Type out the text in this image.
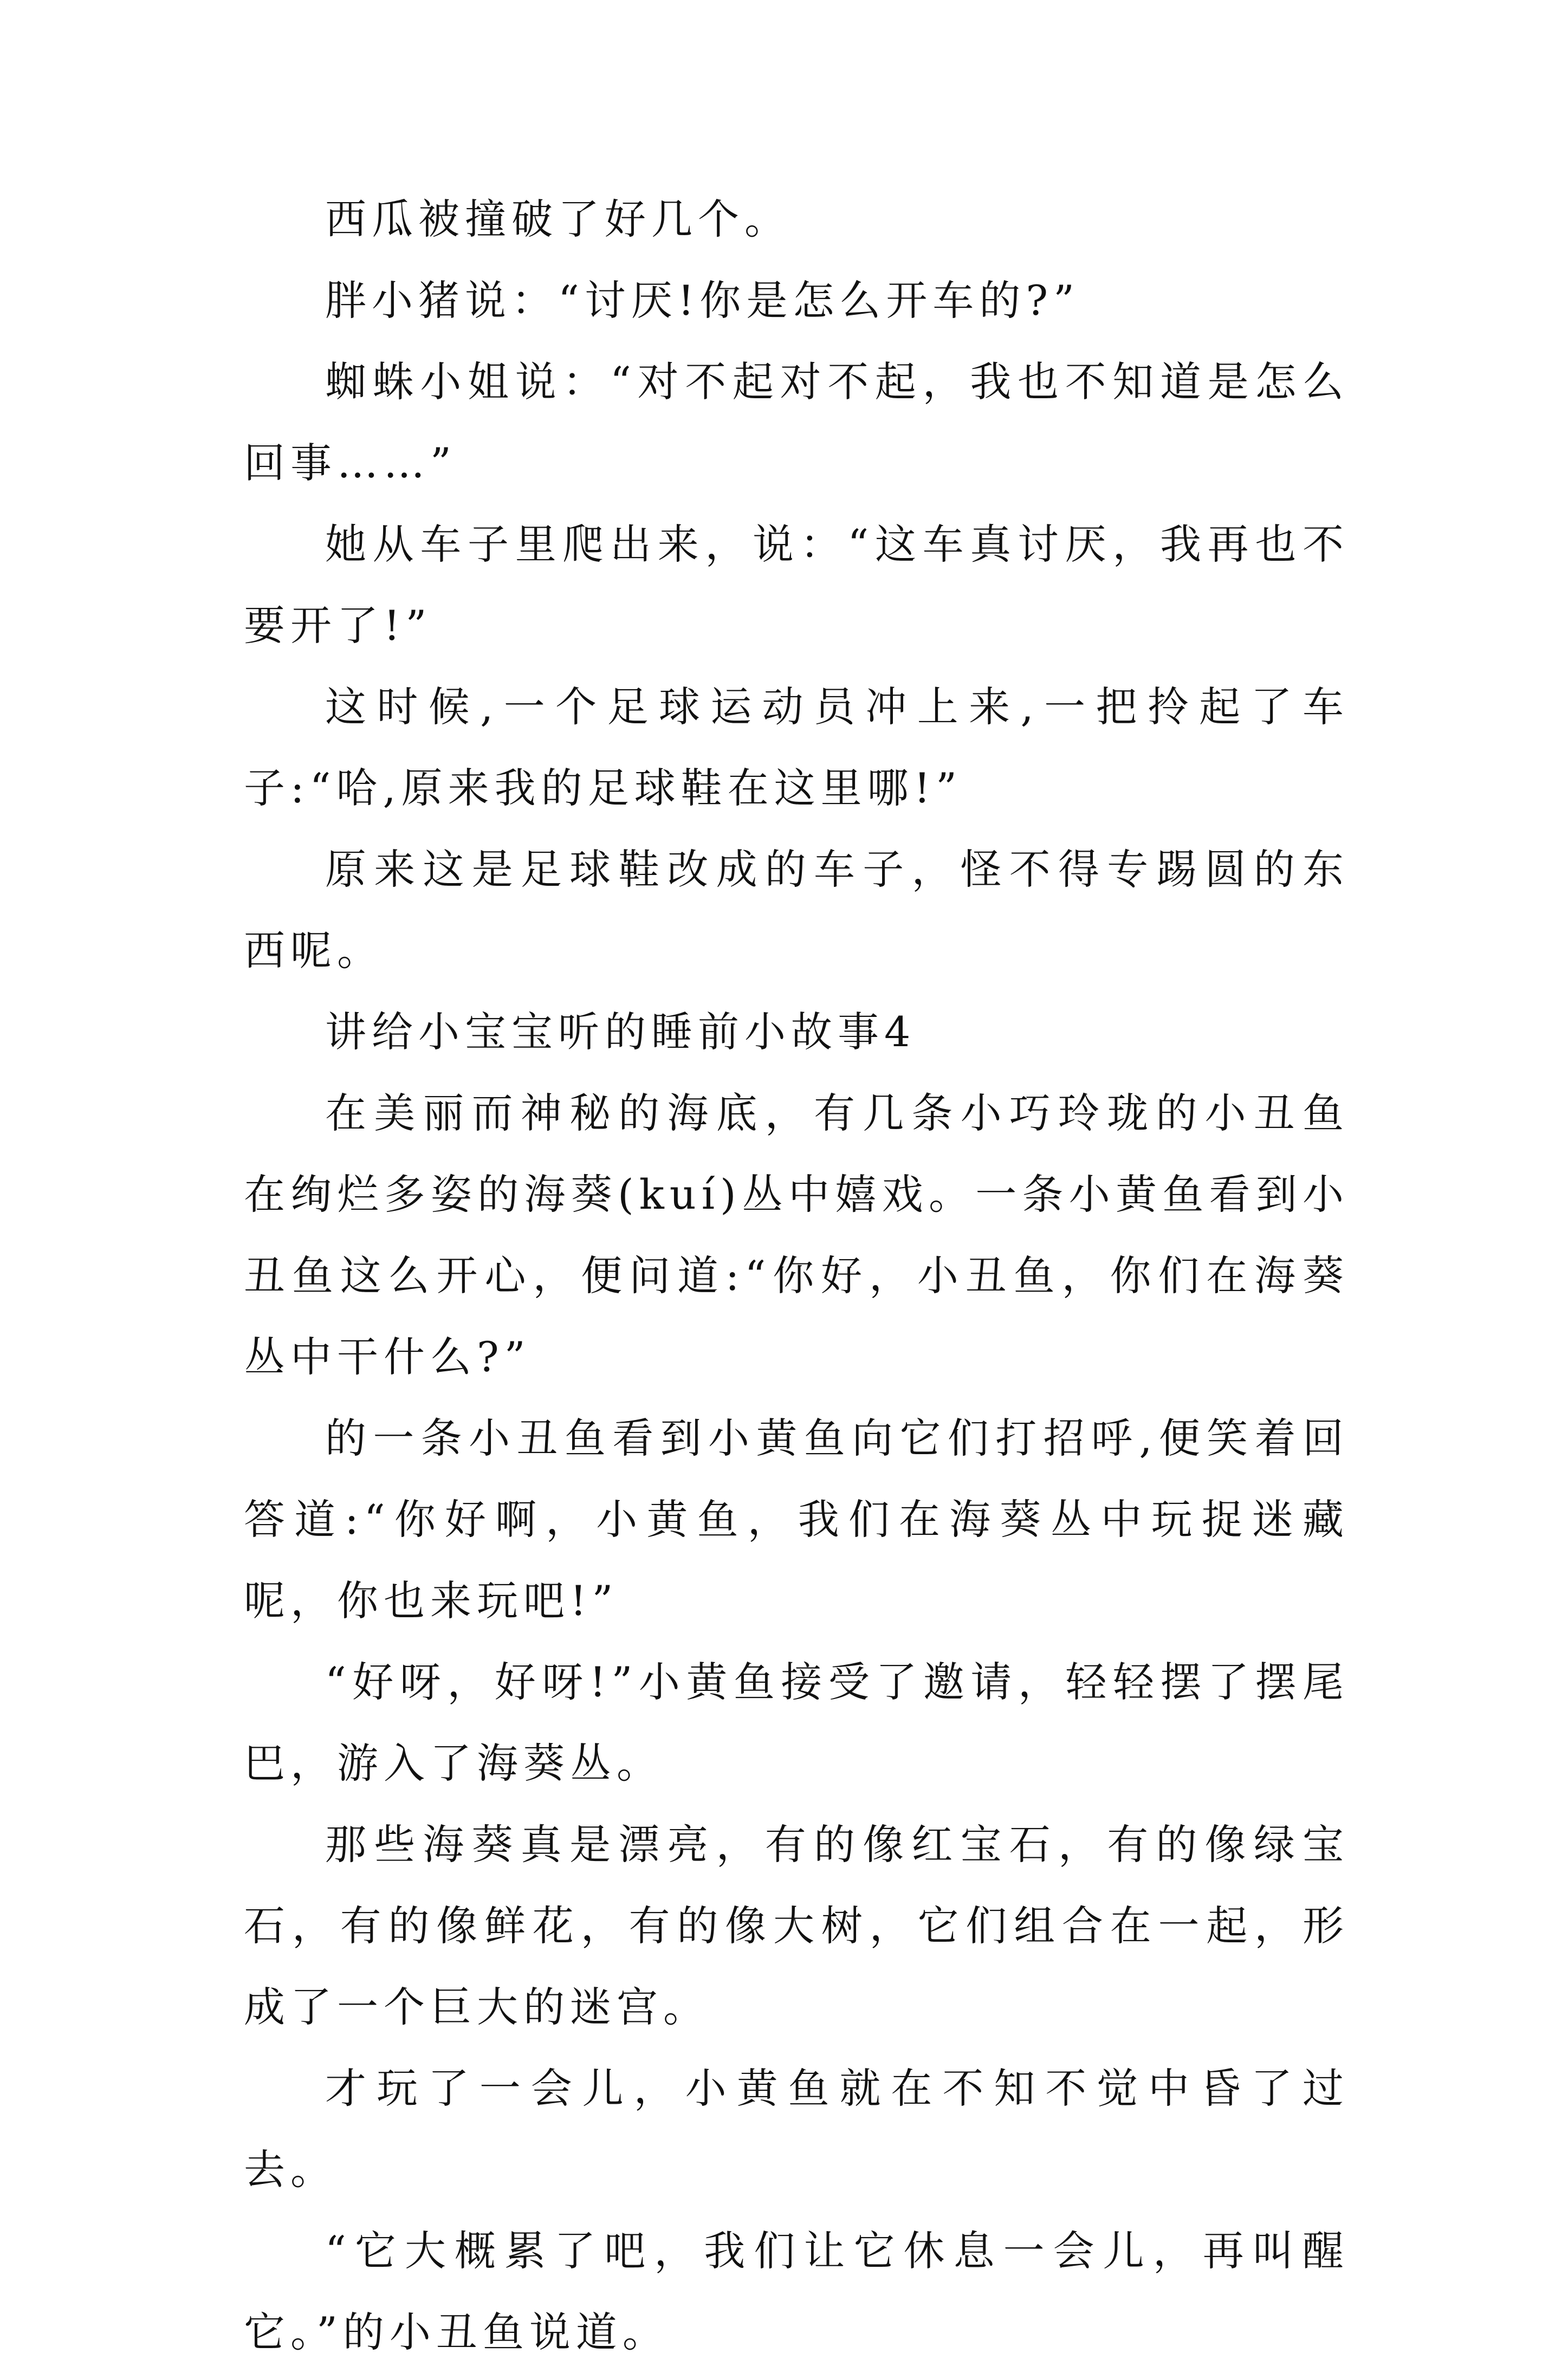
西瓜被撞破了好几个。

胖小猪说：“讨厌!你是怎么开车的?”

蜘蛛小姐说：“对不起对不起，我也不知道是怎么回事……”

她从车子里爬出来，说：“这车真讨厌，我再也不要开了!”

这时候,一个足球运动员冲上来,一把拎起了车子:“哈,原来我的足球鞋在这里哪!”

原来这是足球鞋改成的车子，怪不得专踢圆的东西呢。

讲给小宝宝听的睡前小故事4

在美丽而神秘的海底，有几条小巧玲珑的小丑鱼在绚烂多姿的海葵(kuí)丛中嬉戏。一条小黄鱼看到小丑鱼这么开心，便问道:“你好，小丑鱼，你们在海葵丛中干什么?”

的一条小丑鱼看到小黄鱼向它们打招呼,便笑着回答道:“你好啊，小黄鱼，我们在海葵丛中玩捉迷藏呢，你也来玩吧!”

“好呀，好呀!”小黄鱼接受了邀请，轻轻摆了摆尾巴，游入了海葵丛。

那些海葵真是漂亮，有的像红宝石，有的像绿宝石，有的像鲜花，有的像大树，它们组合在一起，形成了一个巨大的迷宫。

才玩了一会儿，小黄鱼就在不知不觉中昏了过去。

“它大概累了吧，我们让它休息一会儿，再叫醒它。”的小丑鱼说道。
